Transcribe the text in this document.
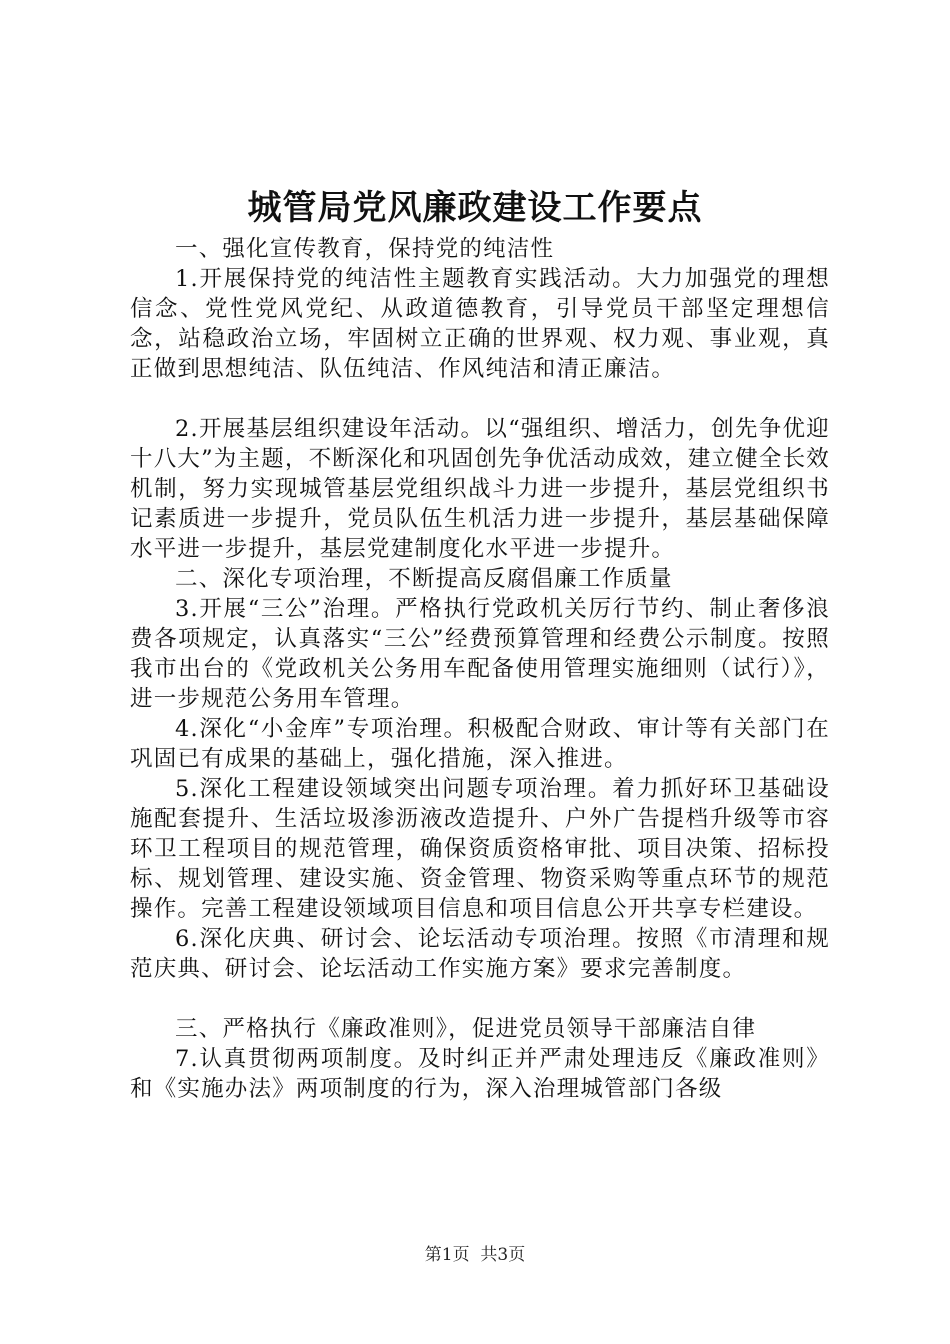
城管局党风廉政建设工作要点

一、强化宣传教育，保持党的纯洁性

1.开展保持党的纯洁性主题教育实践活动。大力加强党的理想信念、党性党风党纪、从政道德教育，引导党员干部坚定理想信念，站稳政治立场，牢固树立正确的世界观、权力观、事业观，真正做到思想纯洁、队伍纯洁、作风纯洁和清正廉洁。

2.开展基层组织建设年活动。以“强组织、增活力，创先争优迎十八大”为主题，不断深化和巩固创先争优活动成效，建立健全长效机制，努力实现城管基层党组织战斗力进一步提升，基层党组织书记素质进一步提升，党员队伍生机活力进一步提升，基层基础保障水平进一步提升，基层党建制度化水平进一步提升。

二、深化专项治理，不断提高反腐倡廉工作质量

3.开展“三公”治理。严格执行党政机关厉行节约、制止奢侈浪费各项规定，认真落实“三公”经费预算管理和经费公示制度。按照我市出台的《党政机关公务用车配备使用管理实施细则（试行）》，进一步规范公务用车管理。

4.深化“小金库”专项治理。积极配合财政、审计等有关部门在巩固已有成果的基础上，强化措施，深入推进。

5.深化工程建设领域突出问题专项治理。着力抓好环卫基础设施配套提升、生活垃圾渗沥液改造提升、户外广告提档升级等市容环卫工程项目的规范管理，确保资质资格审批、项目决策、招标投标、规划管理、建设实施、资金管理、物资采购等重点环节的规范操作。完善工程建设领域项目信息和项目信息公开共享专栏建设。

6.深化庆典、研讨会、论坛活动专项治理。按照《市清理和规范庆典、研讨会、论坛活动工作实施方案》要求完善制度。

三、严格执行《廉政准则》，促进党员领导干部廉洁自律

7.认真贯彻两项制度。及时纠正并严肃处理违反《廉政准则》和《实施办法》两项制度的行为，深入治理城管部门各级

第1页 共3页
